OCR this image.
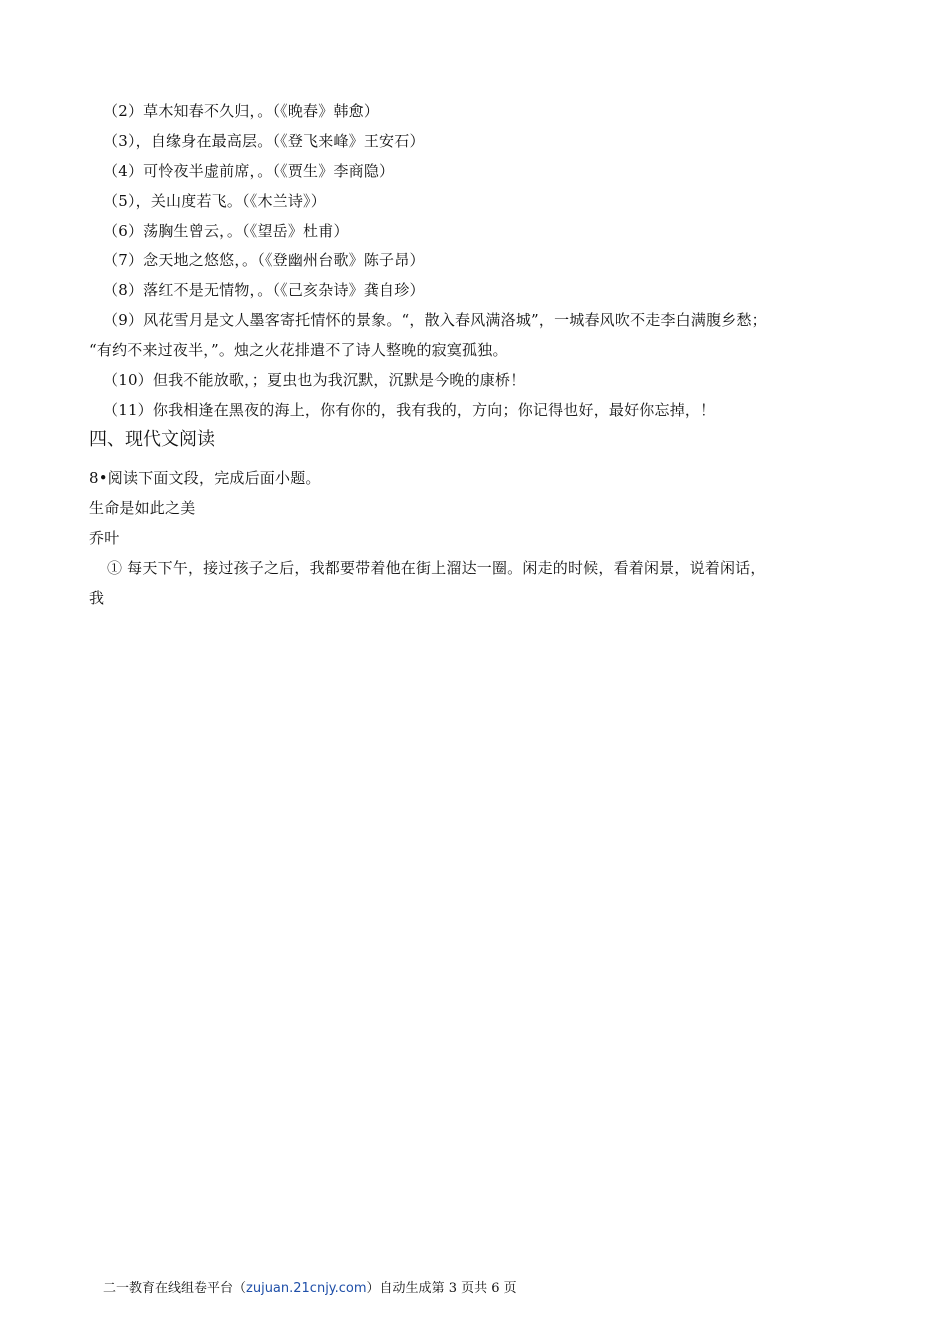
（2）草木知春不久归，。（《晚春》韩愈）
（3），自缘身在最高层。（《登飞来峰》王安石）
（4）可怜夜半虚前席，。（《贾生》李商隐）
（5），关山度若飞。（《木兰诗》）
（6）荡胸生曾云，。（《望岳》杜甫）
（7）念天地之悠悠，。（《登幽州台歌》陈子昂）
（8）落红不是无情物，。（《己亥杂诗》龚自珍）
（9）风花雪月是文人墨客寄托情怀的景象。“，散入春风满洛城”，一城春风吹不走李白满腹乡愁；
“有约不来过夜半，”。烛之火花排遣不了诗人整晚的寂寞孤独。
（10）但我不能放歌，；夏虫也为我沉默，沉默是今晚的康桥！
（11）你我相逢在黑夜的海上，你有你的，我有我的，方向；你记得也好，最好你忘掉，！
四、现代文阅读
8•阅读下面文段，完成后面小题。
生命是如此之美
乔叶
① 每天下午，接过孩子之后，我都要带着他在街上溜达一圈。闲走的时候，看着闲景，说着闲话，
我
二一教育在线组卷平台（zujuan.21cnjy.com）自动生成第 3 页共 6 页
